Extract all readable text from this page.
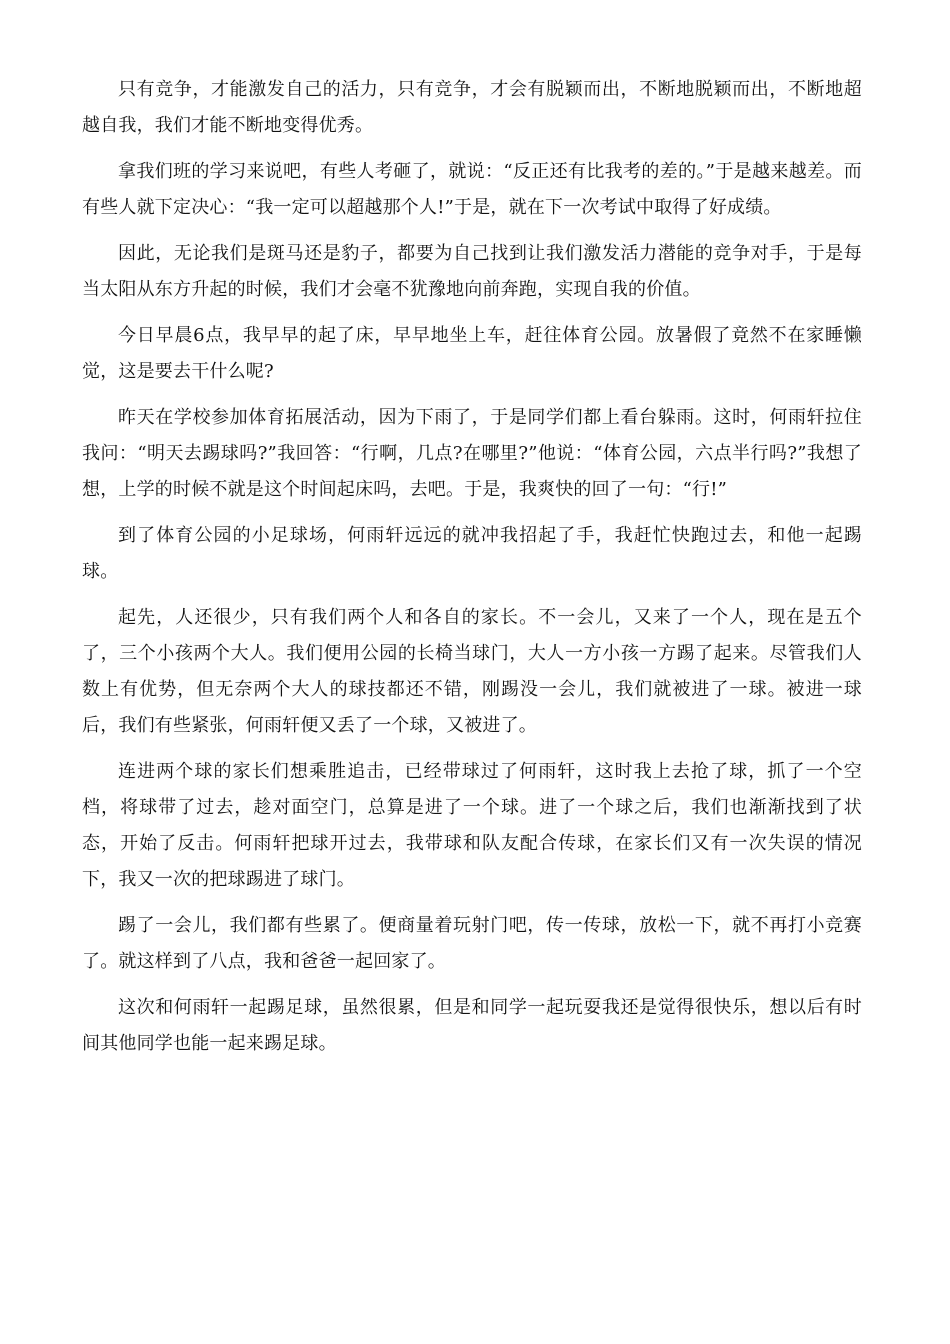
只有竞争，才能激发自己的活力，只有竞争，才会有脱颖而出，不断地脱颖而出，不断地超越自我，我们才能不断地变得优秀。

拿我们班的学习来说吧，有些人考砸了，就说：“反正还有比我考的差的。”于是越来越差。而有些人就下定决心：“我一定可以超越那个人!”于是，就在下一次考试中取得了好成绩。

因此，无论我们是斑马还是豹子，都要为自己找到让我们激发活力潜能的竞争对手，于是每当太阳从东方升起的时候，我们才会毫不犹豫地向前奔跑，实现自我的价值。

今日早晨6点，我早早的起了床，早早地坐上车，赶往体育公园。放暑假了竟然不在家睡懒觉，这是要去干什么呢?

昨天在学校参加体育拓展活动，因为下雨了，于是同学们都上看台躲雨。这时，何雨轩拉住我问：“明天去踢球吗?”我回答：“行啊，几点?在哪里?”他说：“体育公园，六点半行吗?”我想了想，上学的时候不就是这个时间起床吗，去吧。于是，我爽快的回了一句：“行!”

到了体育公园的小足球场，何雨轩远远的就冲我招起了手，我赶忙快跑过去，和他一起踢球。

起先，人还很少，只有我们两个人和各自的家长。不一会儿，又来了一个人，现在是五个了，三个小孩两个大人。我们便用公园的长椅当球门，大人一方小孩一方踢了起来。尽管我们人数上有优势，但无奈两个大人的球技都还不错，刚踢没一会儿，我们就被进了一球。被进一球后，我们有些紧张，何雨轩便又丢了一个球，又被进了。

连进两个球的家长们想乘胜追击，已经带球过了何雨轩，这时我上去抢了球，抓了一个空档，将球带了过去，趁对面空门，总算是进了一个球。进了一个球之后，我们也渐渐找到了状态，开始了反击。何雨轩把球开过去，我带球和队友配合传球，在家长们又有一次失误的情况下，我又一次的把球踢进了球门。

踢了一会儿，我们都有些累了。便商量着玩射门吧，传一传球，放松一下，就不再打小竞赛了。就这样到了八点，我和爸爸一起回家了。

这次和何雨轩一起踢足球，虽然很累，但是和同学一起玩耍我还是觉得很快乐，想以后有时间其他同学也能一起来踢足球。
